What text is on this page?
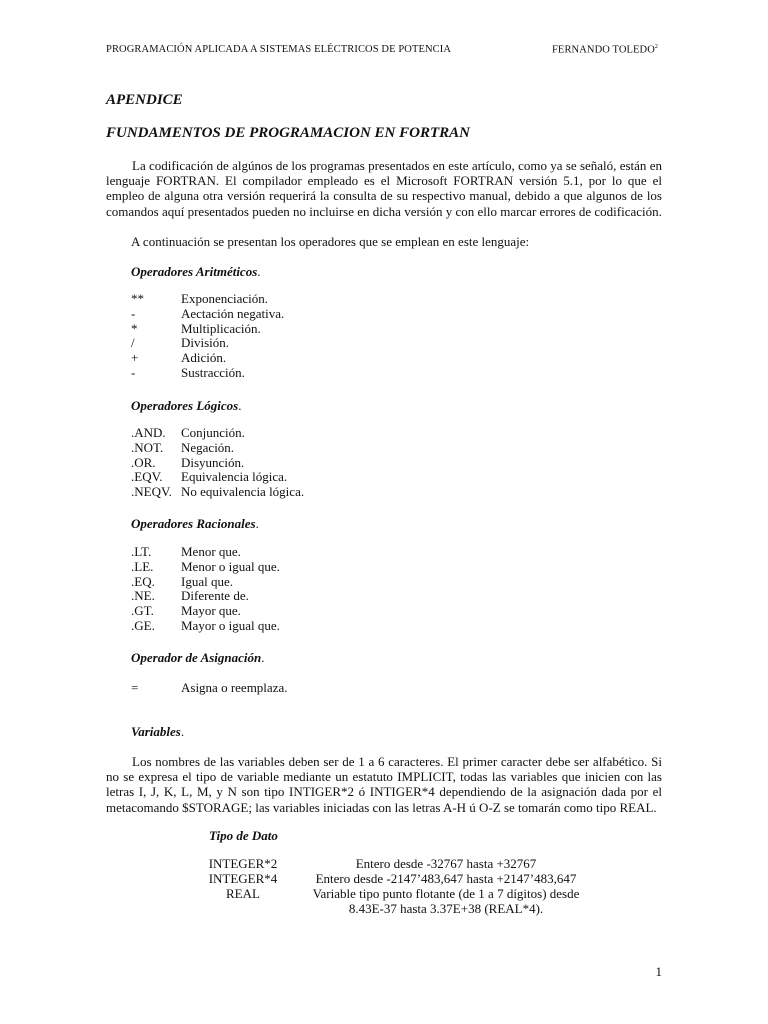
PROGRAMACIÓN APLICADA A SISTEMAS ELÉCTRICOS DE POTENCIA	FERNANDO TOLEDO$^2$
APENDICE
FUNDAMENTOS DE PROGRAMACION EN FORTRAN
La codificación de algúnos de los programas presentados en este artículo, como ya se señaló, están en lenguaje FORTRAN. El compilador empleado es el Microsoft FORTRAN versión 5.1, por lo que el empleo de alguna otra versión requerirá la consulta de su respectivo manual, debido a que algunos de los comandos aquí presentados pueden no incluirse en dicha versión y con ello marcar errores de codificación.
A continuación se presentan los operadores que se emplean en este lenguaje:
Operadores Aritméticos.
**	Exponenciación.
-	Aectación negativa.
*	Multiplicación.
/	División.
+	Adición.
-	Sustracción.
Operadores Lógicos.
.AND.	Conjunción.
.NOT.	Negación.
.OR.	Disyunción.
.EQV.	Equivalencia lógica.
.NEQV. No equivalencia lógica.
Operadores Racionales.
.LT.	Menor que.
.LE.	Menor o igual que.
.EQ.	Igual que.
.NE.	Diferente de.
.GT.	Mayor que.
.GE.	Mayor o igual que.
Operador de Asignación.
=	Asigna o reemplaza.
Variables.
Los nombres de las variables deben ser de 1 a 6 caracteres. El primer caracter debe ser alfabético. Si no se expresa el tipo de variable mediante un estatuto IMPLICIT, todas las variables que inicien con las letras I, J, K, L, M, y N son tipo INTIGER*2 ó INTIGER*4 dependiendo de la asignación dada por el metacomando $STORAGE; las variables iniciadas con las letras A-H ú O-Z se tomarán como tipo REAL.
Tipo de Dato
INTEGER*2	Entero desde -32767 hasta +32767
INTEGER*4	Entero desde -2147’483,647 hasta +2147’483,647
REAL	Variable tipo punto flotante (de 1 a 7 dígitos) desde
8.43E-37 hasta 3.37E+38 (REAL*4).
1
